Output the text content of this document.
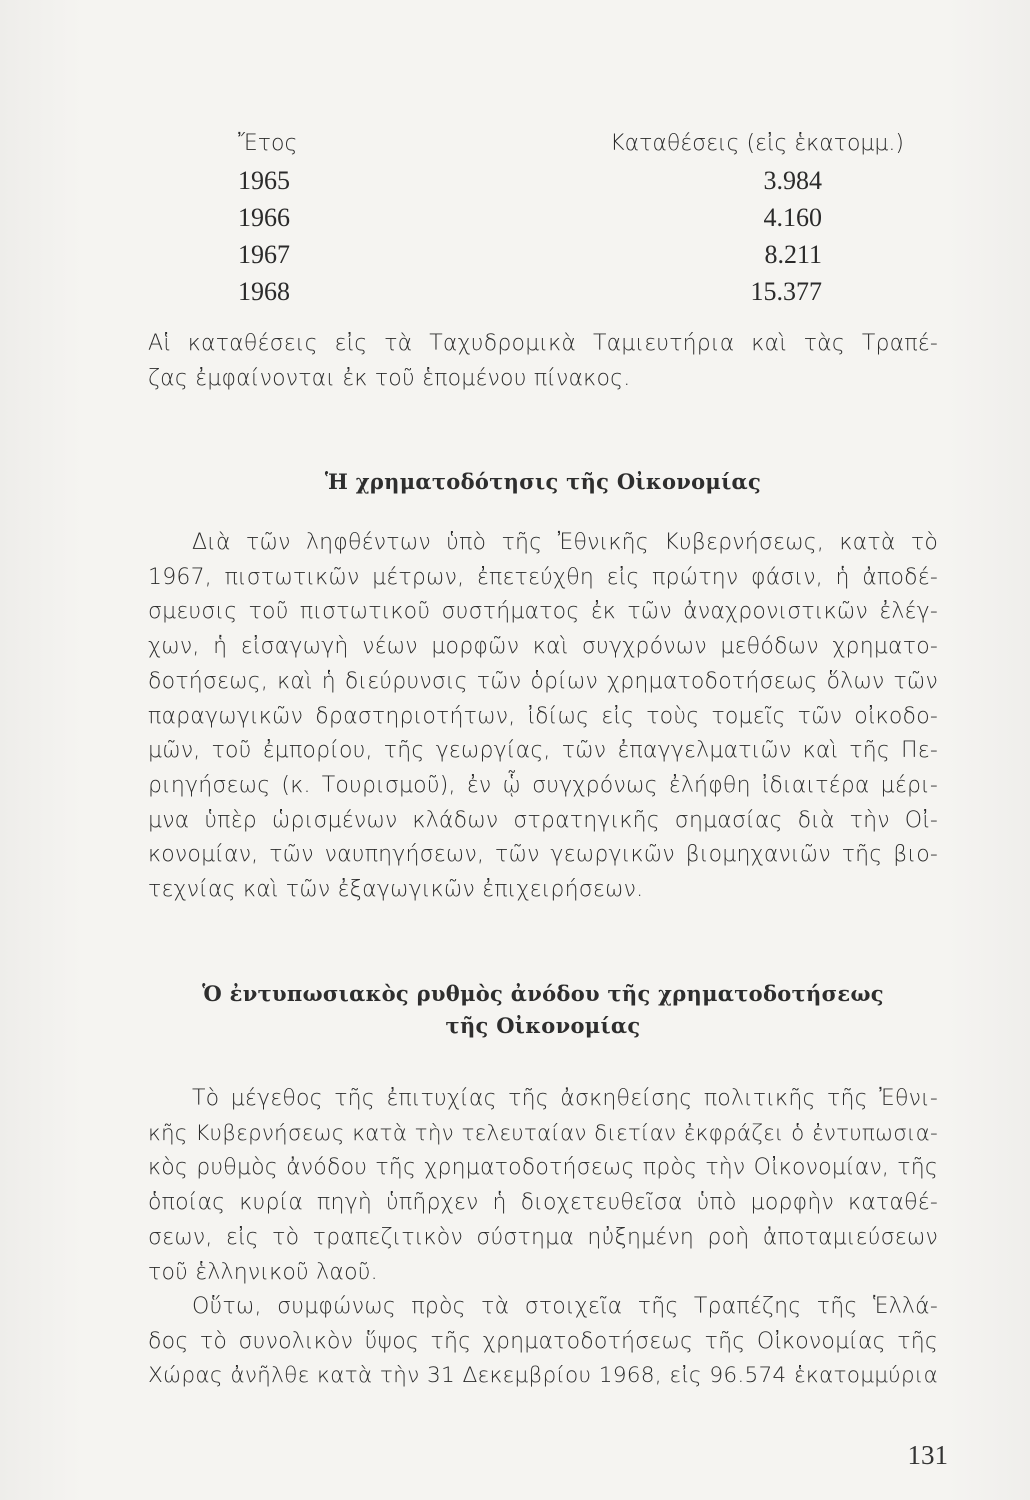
Ἔτος	Καταθέσεις (εἰς ἑκατομμ.)
1965	3.984
1966	4.160
1967	8.211
1968	15.377
Αἱ καταθέσεις εἰς τὰ Ταχυδρομικὰ Ταμιευτήρια καὶ τὰς Τραπέ-
ζας ἐμφαίνονται ἐκ τοῦ ἑπομένου πίνακος.
Ἡ χρηματοδότησις τῆς Οἰκονομίας
Διὰ τῶν ληφθέντων ὑπὸ τῆς Ἐθνικῆς Κυβερνήσεως, κατὰ τὸ
1967, πιστωτικῶν μέτρων, ἐπετεύχθη εἰς πρώτην φάσιν, ἡ ἀποδέ-
σμευσις τοῦ πιστωτικοῦ συστήματος ἐκ τῶν ἀναχρονιστικῶν ἐλέγ-
χων, ἡ εἰσαγωγὴ νέων μορφῶν καὶ συγχρόνων μεθόδων χρηματο-
δοτήσεως, καὶ ἡ διεύρυνσις τῶν ὁρίων χρηματοδοτήσεως ὅλων τῶν
παραγωγικῶν δραστηριοτήτων, ἰδίως εἰς τοὺς τομεῖς τῶν οἰκοδο-
μῶν, τοῦ ἐμπορίου, τῆς γεωργίας, τῶν ἐπαγγελματιῶν καὶ τῆς Πε-
ριηγήσεως (κ. Τουρισμοῦ), ἐν ᾧ συγχρόνως ἐλήφθη ἰδιαιτέρα μέρι-
μνα ὑπὲρ ὡρισμένων κλάδων στρατηγικῆς σημασίας διὰ τὴν Οἰ-
κονομίαν, τῶν ναυπηγήσεων, τῶν γεωργικῶν βιομηχανιῶν τῆς βιο-
τεχνίας καὶ τῶν ἐξαγωγικῶν ἐπιχειρήσεων.
Ὁ ἐντυπωσιακὸς ρυθμὸς ἀνόδου τῆς χρηματοδοτήσεως
τῆς Οἰκονομίας
Τὸ μέγεθος τῆς ἐπιτυχίας τῆς ἀσκηθείσης πολιτικῆς τῆς Ἐθνι-
κῆς Κυβερνήσεως κατὰ τὴν τελευταίαν διετίαν ἐκφράζει ὁ ἐντυπωσια-
κὸς ρυθμὸς ἀνόδου τῆς χρηματοδοτήσεως πρὸς τὴν Οἰκονομίαν, τῆς
ὁποίας κυρία πηγὴ ὑπῆρχεν ἡ διοχετευθεῖσα ὑπὸ μορφὴν καταθέ-
σεων, εἰς τὸ τραπεζιτικὸν σύστημα ηὐξημένη ροὴ ἀποταμιεύσεων
τοῦ ἑλληνικοῦ λαοῦ.
Οὕτω, συμφώνως πρὸς τὰ στοιχεῖα τῆς Τραπέζης τῆς Ἑλλά-
δος τὸ συνολικὸν ὕψος τῆς χρηματοδοτήσεως τῆς Οἰκονομίας τῆς
Χώρας ἀνῆλθε κατὰ τὴν 31 Δεκεμβρίου 1968, εἰς 96.574 ἑκατομμύρια
131
